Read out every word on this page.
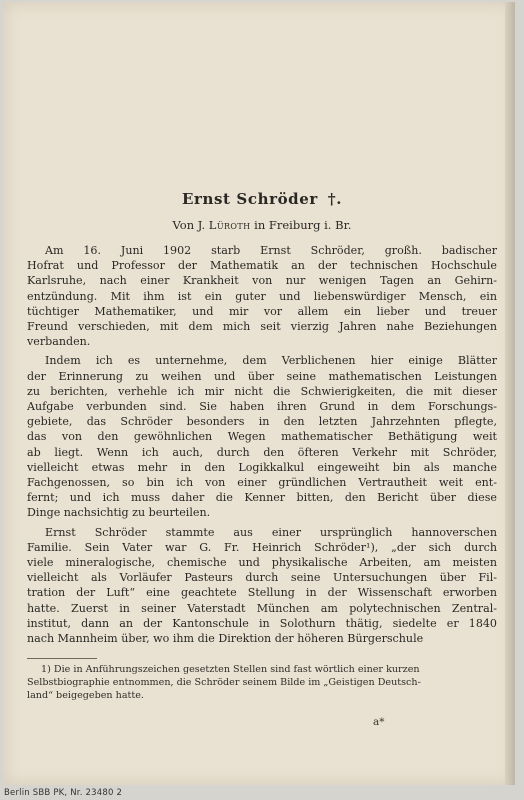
Ernst Schröder †.
Von J. Lüroth in Freiburg i. Br.
Am 16. Juni 1902 starb Ernst Schröder, großh. badischer
Hofrat und Professor der Mathematik an der technischen Hochschule
Karlsruhe, nach einer Krankheit von nur wenigen Tagen an Gehirn-
entzündung. Mit ihm ist ein guter und liebenswürdiger Mensch, ein
tüchtiger Mathematiker, und mir vor allem ein lieber und treuer
Freund verschieden, mit dem mich seit vierzig Jahren nahe Beziehungen
verbanden.
Indem ich es unternehme, dem Verblichenen hier einige Blätter
der Erinnerung zu weihen und über seine mathematischen Leistungen
zu berichten, verhehle ich mir nicht die Schwierigkeiten, die mit dieser
Aufgabe verbunden sind. Sie haben ihren Grund in dem Forschungs-
gebiete, das Schröder besonders in den letzten Jahrzehnten pflegte,
das von den gewöhnlichen Wegen mathematischer Bethätigung weit
ab liegt. Wenn ich auch, durch den öfteren Verkehr mit Schröder,
vielleicht etwas mehr in den Logikkalkul eingeweiht bin als manche
Fachgenossen, so bin ich von einer gründlichen Vertrautheit weit ent-
fernt; und ich muss daher die Kenner bitten, den Bericht über diese
Dinge nachsichtig zu beurteilen.
Ernst Schröder stammte aus einer ursprünglich hannoverschen
Familie. Sein Vater war G. Fr. Heinrich Schröder¹), „der sich durch
viele mineralogische, chemische und physikalische Arbeiten, am meisten
vielleicht als Vorläufer Pasteurs durch seine Untersuchungen über Fil-
tration der Luft“ eine geachtete Stellung in der Wissenschaft erworben
hatte. Zuerst in seiner Vaterstadt München am polytechnischen Zentral-
institut, dann an der Kantonschule in Solothurn thätig, siedelte er 1840
nach Mannheim über, wo ihm die Direktion der höheren Bürgerschule
1) Die in Anführungszeichen gesetzten Stellen sind fast wörtlich einer kurzen
Selbstbiographie entnommen, die Schröder seinem Bilde im „Geistigen Deutsch-
land“ beigegeben hatte.
a*
Berlin SBB PK, Nr. 23480 2
